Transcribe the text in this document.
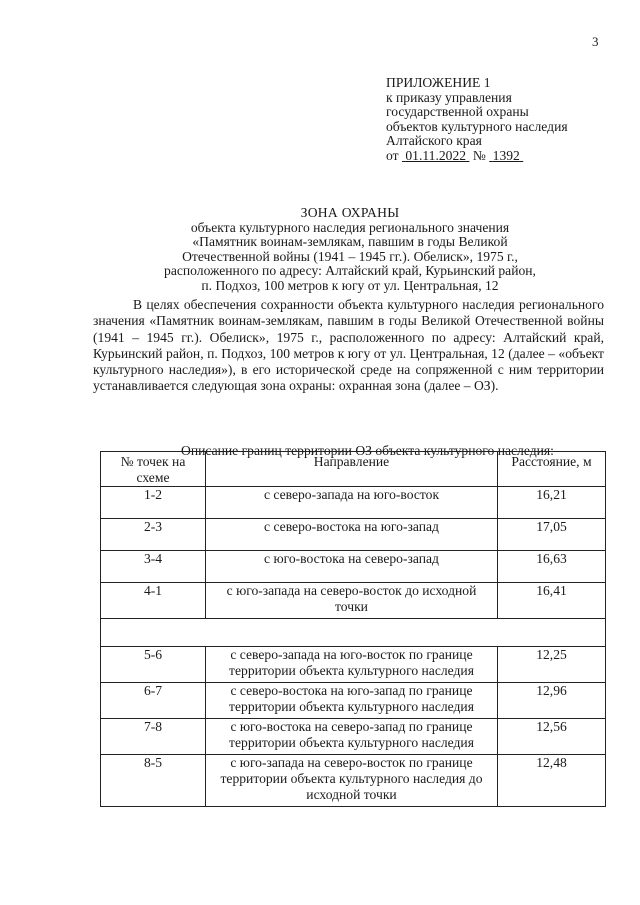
3
ПРИЛОЖЕНИЕ 1
к приказу управления
государственной охраны
объектов культурного наследия
Алтайского края
от 01.11.2022 № 1392
ЗОНА ОХРАНЫ
объекта культурного наследия регионального значения
«Памятник воинам-землякам, павшим в годы Великой
Отечественной войны (1941 – 1945 гг.). Обелиск», 1975 г.,
расположенного по адресу: Алтайский край, Курьинский район,
п. Подхоз, 100 метров к югу от ул. Центральная, 12

В целях обеспечения сохранности объекта культурного наследия регионального значения «Памятник воинам-землякам, павшим в годы Великой Отечественной войны (1941 – 1945 гг.). Обелиск», 1975 г., расположенного по адресу: Алтайский край, Курьинский район, п. Подхоз, 100 метров к югу от ул. Центральная, 12 (далее – «объект культурного наследия»), в его исторической среде на сопряженной с ним территории устанавливается следующая зона охраны: охранная зона (далее – ОЗ).

Описание границ территории ОЗ объекта культурного наследия:
№ точек на схеме	Направление	Расстояние, м
1-2	с северо-запада на юго-восток	16,21
2-3	с северо-востока на юго-запад	17,05
3-4	с юго-востока на северо-запад	16,63
4-1	с юго-запада на северо-восток до исходной точки	16,41

5-6	с северо-запада на юго-восток по границе территории объекта культурного наследия	12,25
6-7	с северо-востока на юго-запад по границе территории объекта культурного наследия	12,96
7-8	с юго-востока на северо-запад по границе территории объекта культурного наследия	12,56
8-5	с юго-запада на северо-восток по границе территории объекта культурного наследия до исходной точки	12,48
